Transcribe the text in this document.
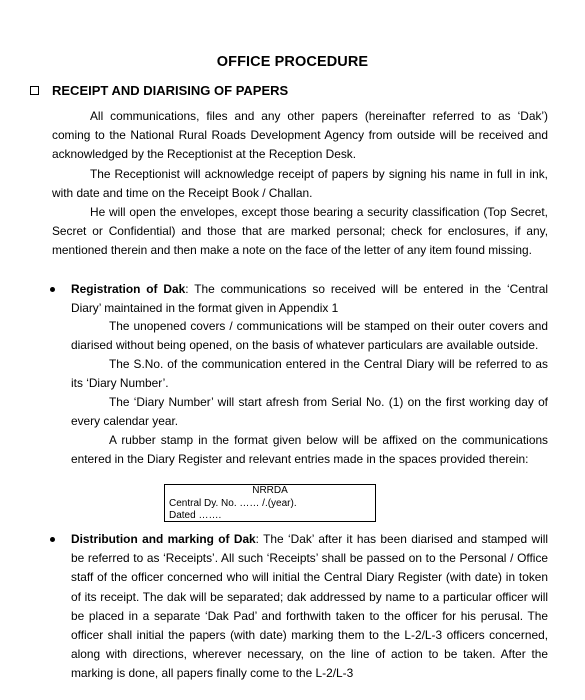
OFFICE PROCEDURE
RECEIPT AND DIARISING OF PAPERS
All communications, files and any other papers (hereinafter referred to as ‘Dak’) coming to the National Rural Roads Development Agency from outside will be received and acknowledged by the Receptionist at the Reception Desk.
The Receptionist will acknowledge receipt of papers by signing his name in full in ink, with date and time on the Receipt Book / Challan.
He will open the envelopes, except those bearing a security classification (Top Secret, Secret or Confidential) and those that are marked personal; check for enclosures, if any, mentioned therein and then make a note on the face of the letter of any item found missing.
Registration of Dak: The communications so received will be entered in the ‘Central Diary’ maintained in the format given in Appendix 1
The unopened covers / communications will be stamped on their outer covers and diarised without being opened, on the basis of whatever particulars are available outside.
The S.No. of the communication entered in the Central Diary will be referred to as its ‘Diary Number’.
The ‘Diary Number’ will start afresh from Serial No. (1) on the first working day of every calendar year.
A rubber stamp in the format given below will be affixed on the communications entered in the Diary Register and relevant entries made in the spaces provided therein:
NRRDA
Central Dy. No. …… /.(year).
Dated …….
Distribution and marking of Dak: The ‘Dak’ after it has been diarised and stamped will be referred to as ‘Receipts’. All such ‘Receipts’ shall be passed on to the Personal / Office staff of the officer concerned who will initial the Central Diary Register (with date) in token of its receipt. The dak will be separated; dak addressed by name to a particular officer will be placed in a separate ‘Dak Pad’ and forthwith taken to the officer for his perusal. The officer shall initial the papers (with date) marking them to the L-2/L-3 officers concerned, along with directions, wherever necessary, on the line of action to be taken. After the marking is done, all papers finally come to the L-2/L-3
